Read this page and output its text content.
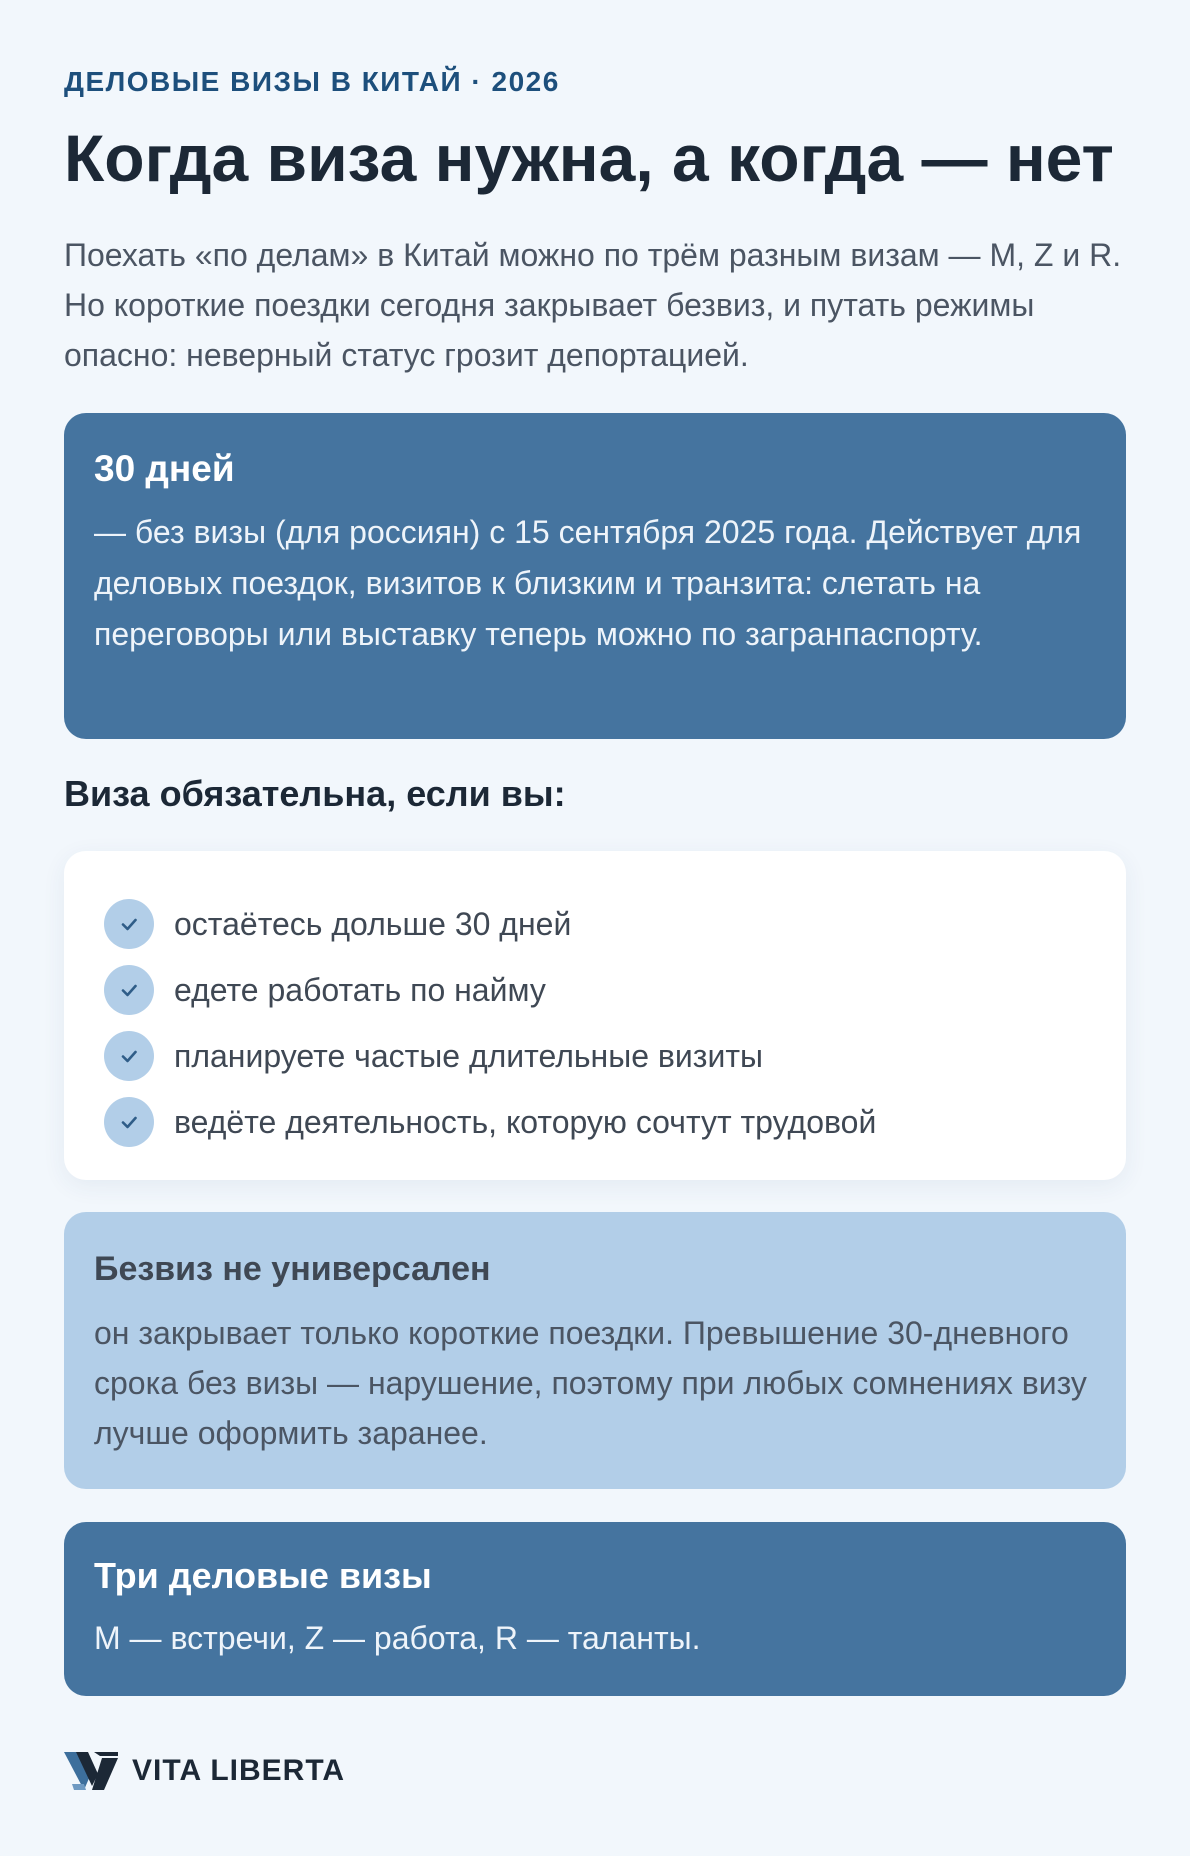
ДЕЛОВЫЕ ВИЗЫ В КИТАЙ · 2026
Когда виза нужна, а когда — нет

Поехать «по делам» в Китай можно по трём разным визам — M, Z и R. Но короткие поездки сегодня закрывает безвиз, и путать режимы опасно: неверный статус грозит депортацией.

30 дней
— без визы (для россиян) с 15 сентября 2025 года. Действует для деловых поездок, визитов к близким и транзита: слетать на переговоры или выставку теперь можно по загранпаспорту.
Виза обязательна, если вы:
остаётесь дольше 30 дней
едете работать по найму
планируете частые длительные визиты
ведёте деятельность, которую сочтут трудовой
Безвиз не универсален
он закрывает только короткие поездки. Превышение 30-дневного срока без визы — нарушение, поэтому при любых сомнениях визу лучше оформить заранее.
Три деловые визы
M — встречи, Z — работа, R — таланты.
VITA LIBERTA
